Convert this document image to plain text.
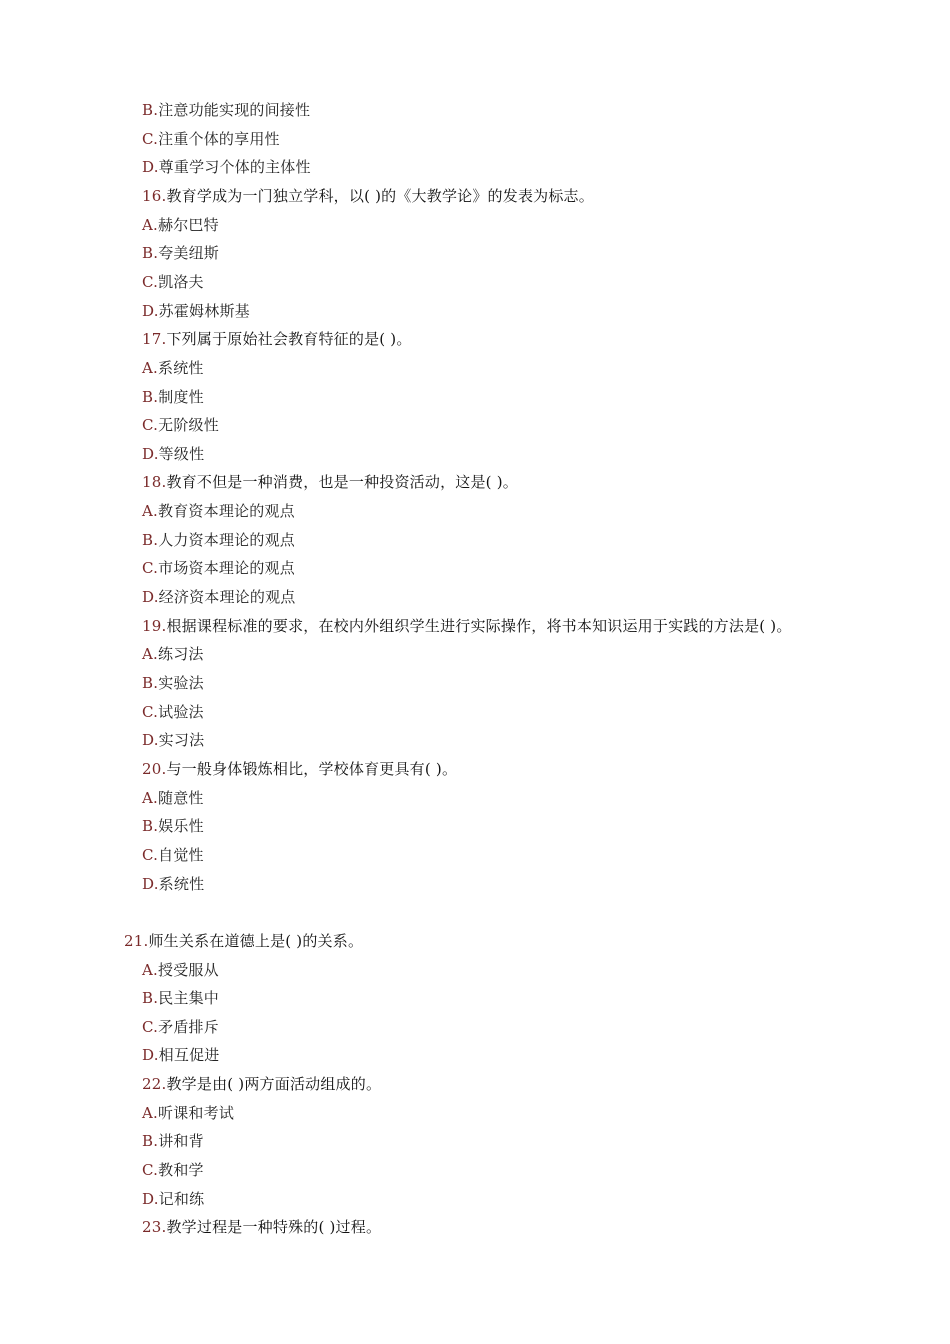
B.注意功能实现的间接性
C.注重个体的享用性
D.尊重学习个体的主体性
16.教育学成为一门独立学科，以( )的《大教学论》的发表为标志。
A.赫尔巴特
B.夸美纽斯
C.凯洛夫
D.苏霍姆林斯基
17.下列属于原始社会教育特征的是( )。
A.系统性
B.制度性
C.无阶级性
D.等级性
18.教育不但是一种消费，也是一种投资活动，这是( )。
A.教育资本理论的观点
B.人力资本理论的观点
C.市场资本理论的观点
D.经济资本理论的观点
19.根据课程标准的要求，在校内外组织学生进行实际操作，将书本知识运用于实践的方法是( )。
A.练习法
B.实验法
C.试验法
D.实习法
20.与一般身体锻炼相比，学校体育更具有( )。
A.随意性
B.娱乐性
C.自觉性
D.系统性
21.师生关系在道德上是( )的关系。
A.授受服从
B.民主集中
C.矛盾排斥
D.相互促进
22.教学是由( )两方面活动组成的。
A.听课和考试
B.讲和背
C.教和学
D.记和练
23.教学过程是一种特殊的( )过程。
